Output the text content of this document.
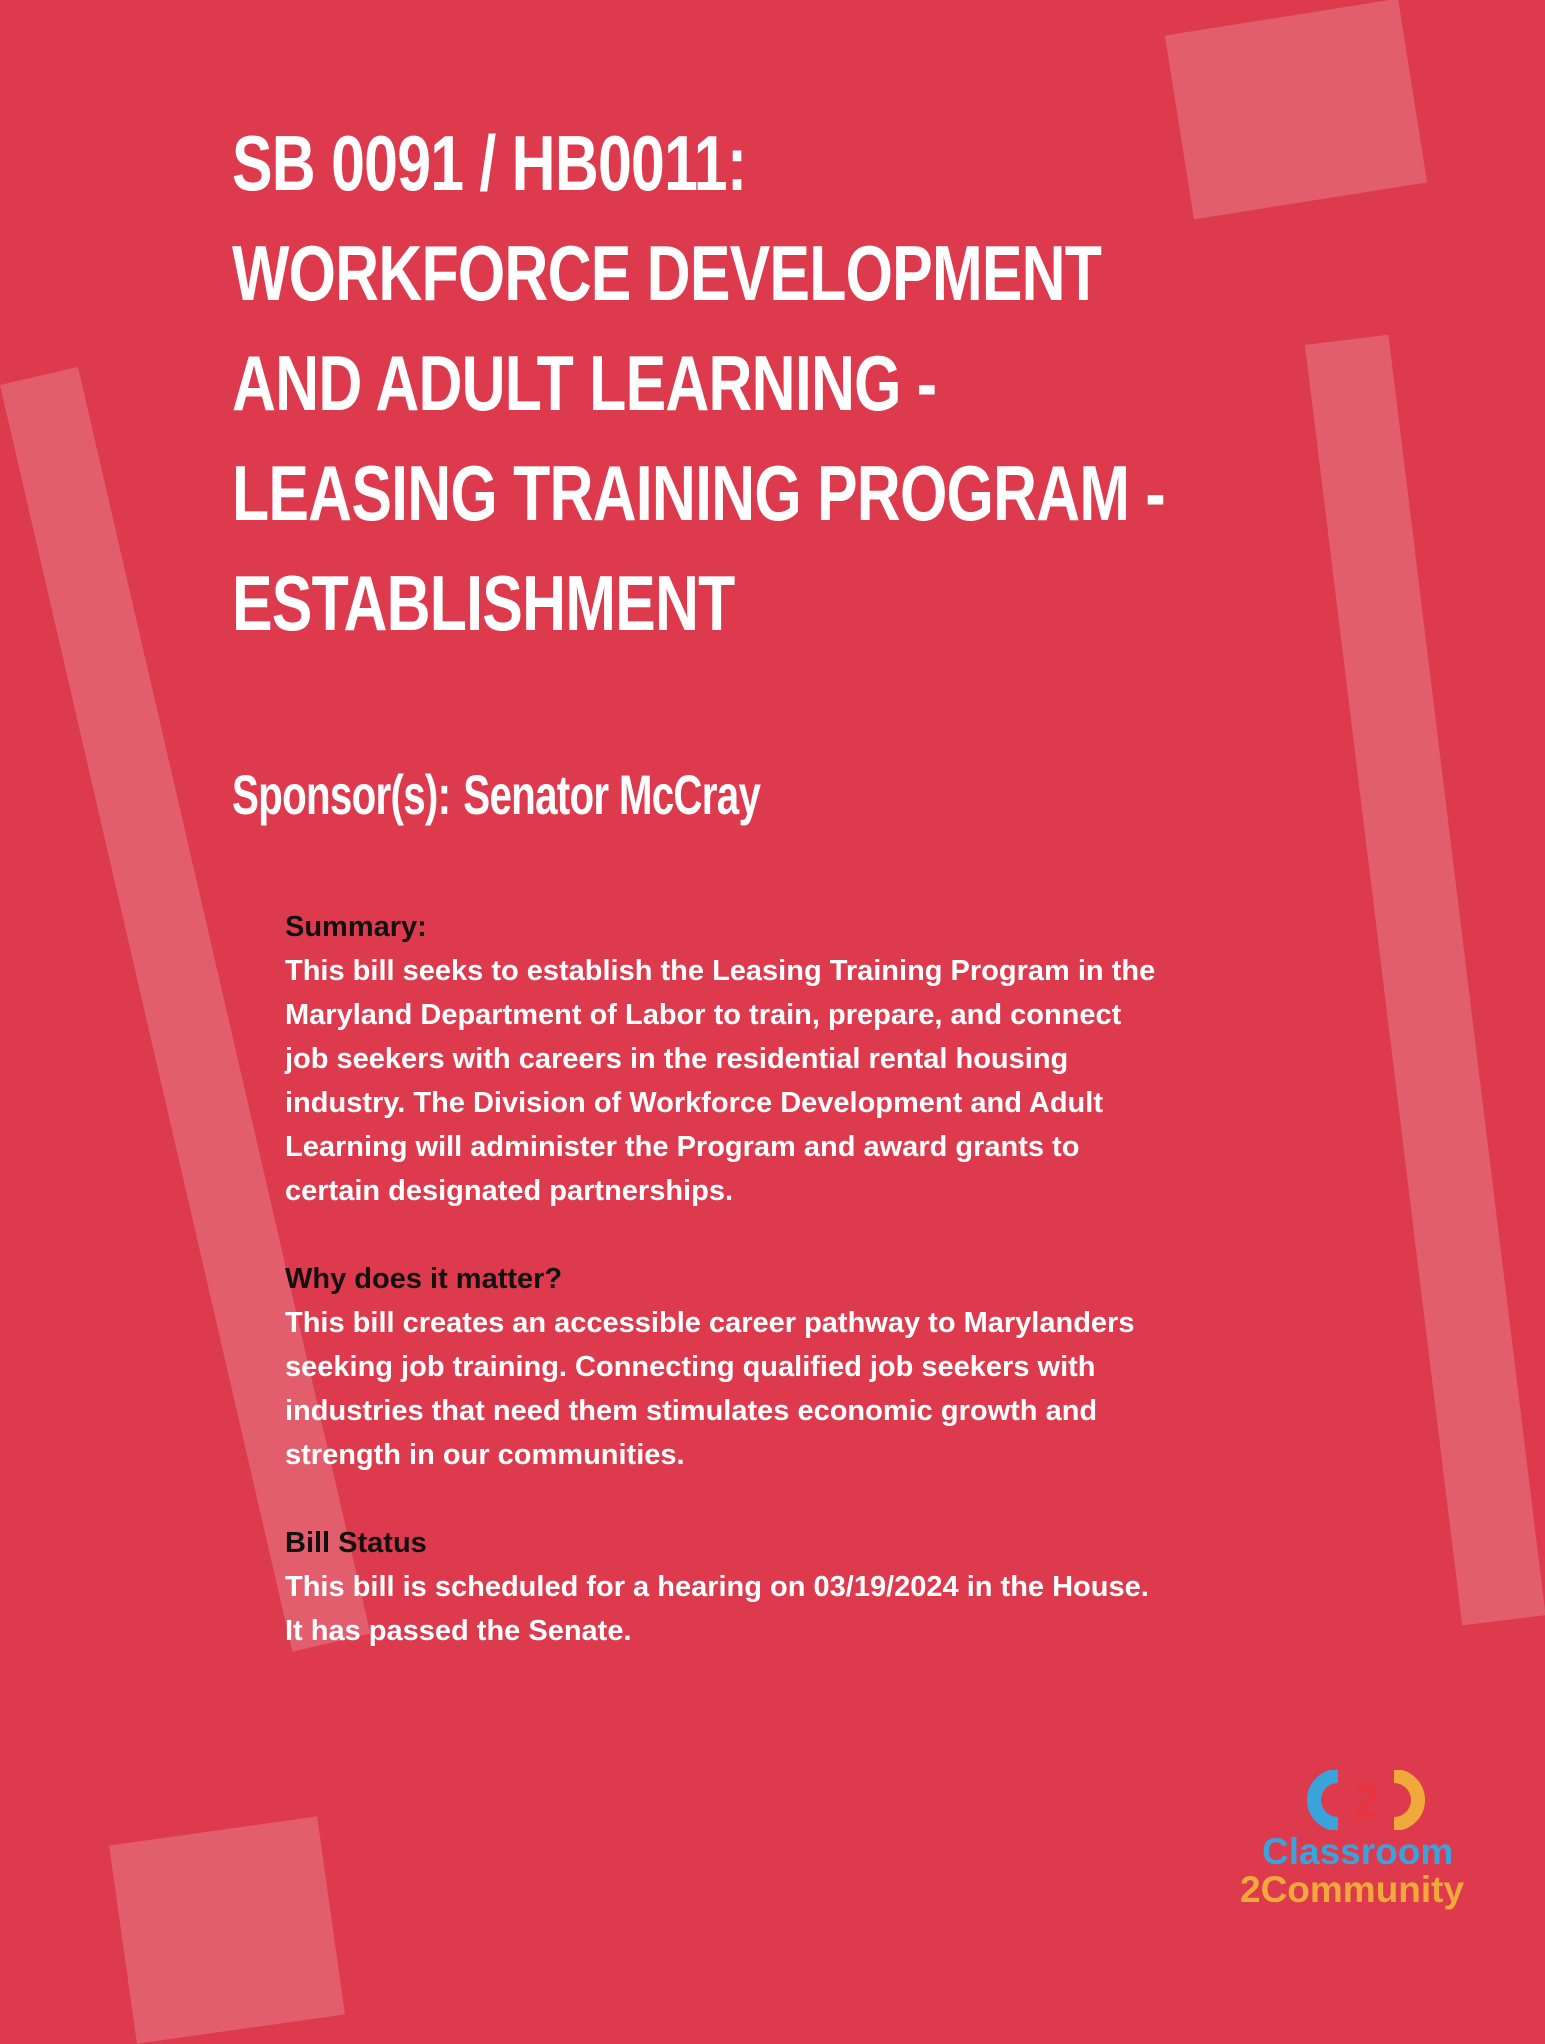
SB 0091 / HB0011:
WORKFORCE DEVELOPMENT
AND ADULT LEARNING -
LEASING TRAINING PROGRAM -
ESTABLISHMENT
Sponsor(s): Senator McCray
Summary:

This bill seeks to establish the Leasing Training Program in the
Maryland Department of Labor to train, prepare, and connect
job seekers with careers in the residential rental housing
industry. The Division of Workforce Development and Adult
Learning will administer the Program and award grants to
certain designated partnerships.

Why does it matter?

This bill creates an accessible career pathway to Marylanders
seeking job training. Connecting qualified job seekers with
industries that need them stimulates economic growth and
strength in our communities.

Bill Status

This bill is scheduled for a hearing on 03/19/2024 in the House.
It has passed the Senate.

2
Classroom
2Community
